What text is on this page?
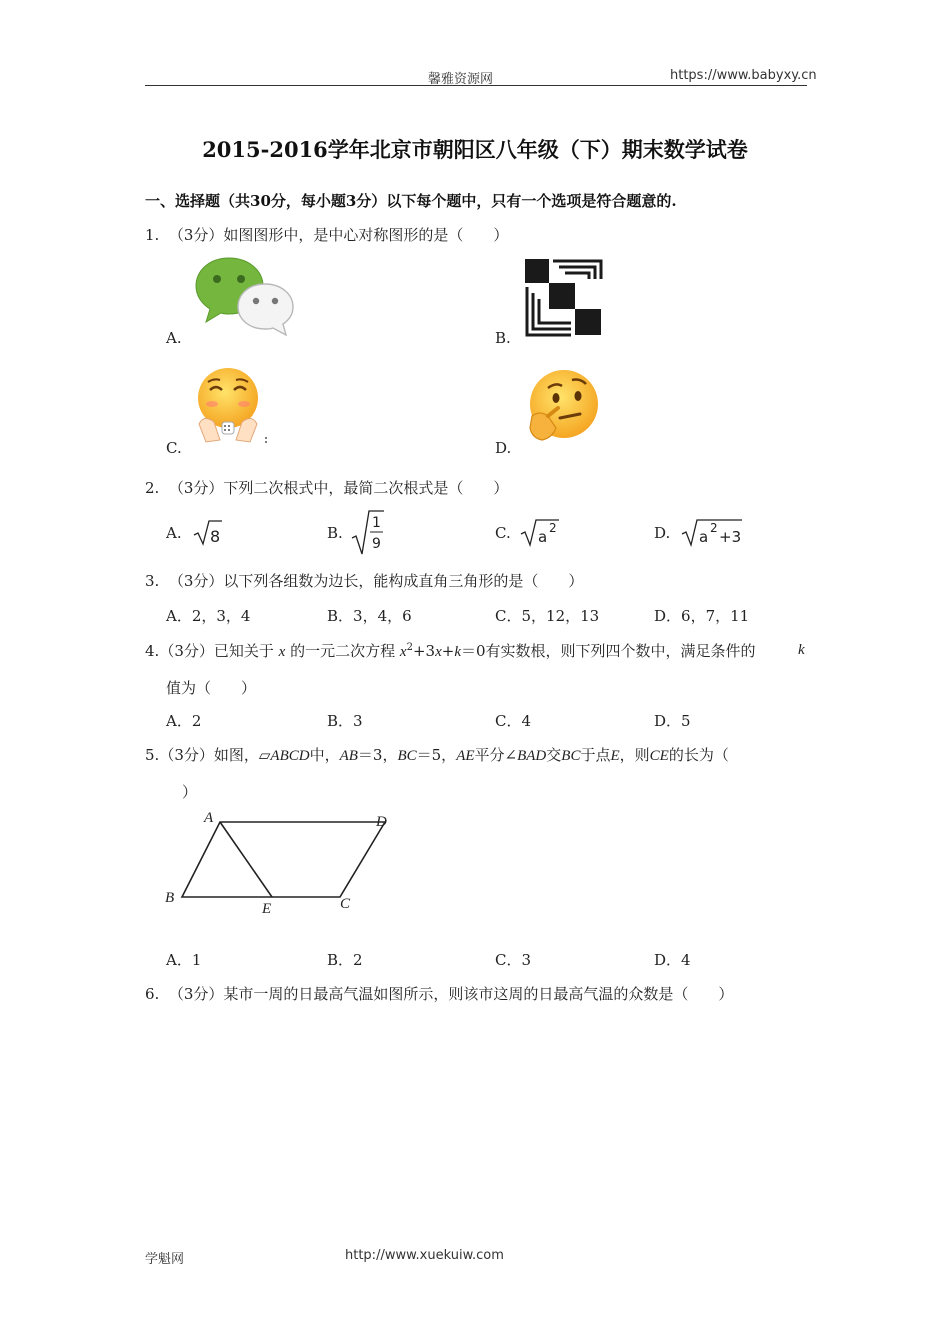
馨雅资源网	https://www.babyxy.cn
2015-2016学年北京市朝阳区八年级（下）期末数学试卷
一、选择题（共30分，每小题3分）以下每个题中，只有一个选项是符合题意的.
1. （3分）如图图形中，是中心对称图形的是（　　）
A.	B.
C.	D.
2. （3分）下列二次根式中，最简二次根式是（　　）
A. 8	B.
1
9
C. a 2	D. a 2 +3
3. （3分）以下列各组数为边长，能构成直角三角形的是（　　）
A．2，3，4	B．3，4，6	C．5，12，13	D．6，7，11
4.（3分）已知关于 x 的一元二次方程 $x^2+3x+k=0$有实数根，则下列四个数中，满足条件的	k
值为（　　）
A．2	B．3	C．4	D．5
5.（3分）如图，▱ABCD中，AB＝3，BC＝5，AE平分∠BAD交BC于点E，则CE的长为（
）
A	D
B
E	C
A．1	B．2	C．3	D．4
6. （3分）某市一周的日最高气温如图所示，则该市这周的日最高气温的众数是（　　）
学魁网	http://www.xuekuiw.com
